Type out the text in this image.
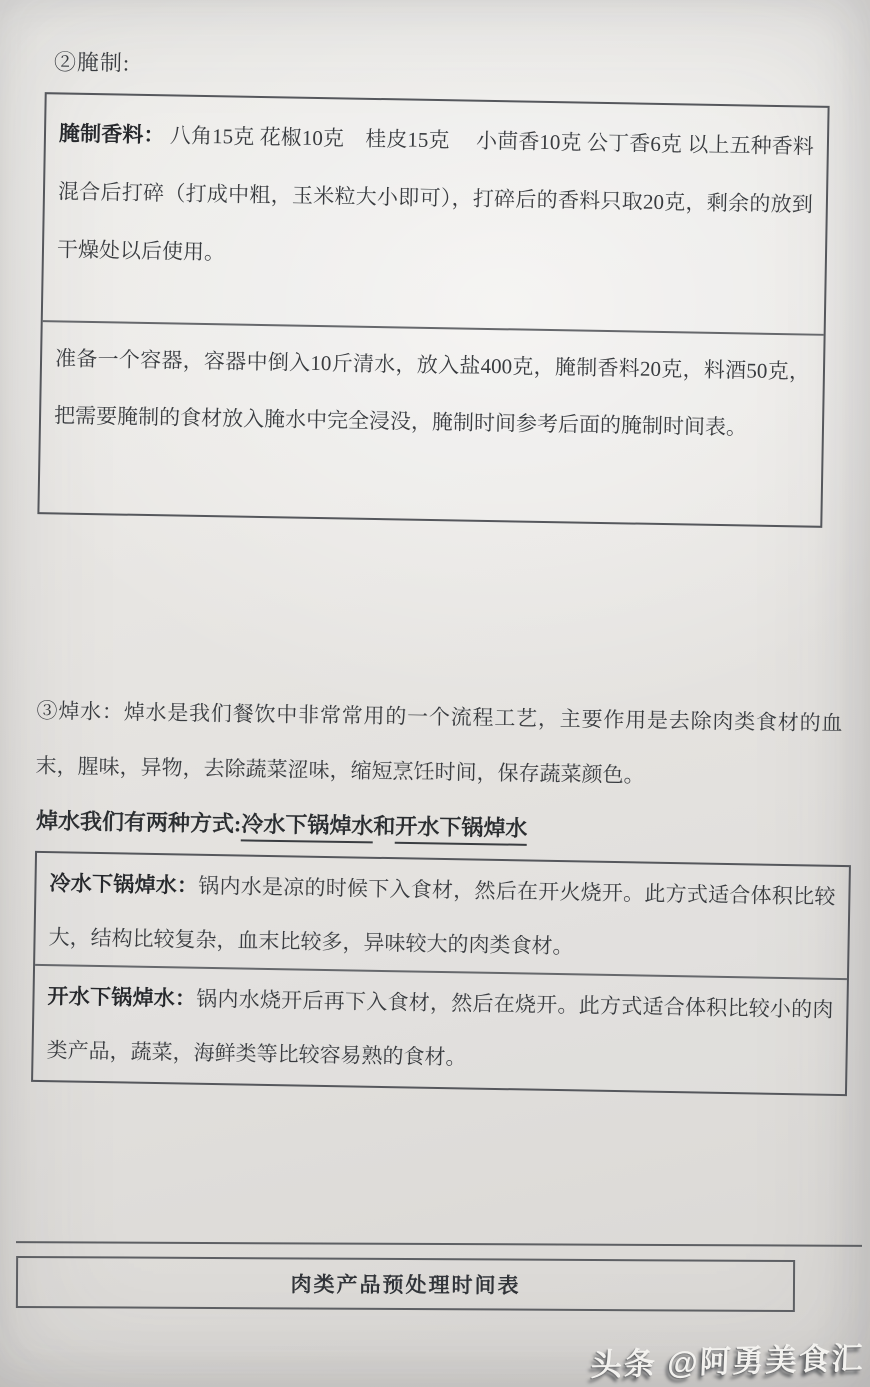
②腌制:

腌制香料： 八角15克 花椒10克　桂皮15克　 小茴香10克 公丁香6克 以上五种香料混合后打碎（打成中粗，玉米粒大小即可），打碎后的香料只取20克，剩余的放到干燥处以后使用。

准备一个容器，容器中倒入10斤清水，放入盐400克，腌制香料20克，料酒50克，把需要腌制的食材放入腌水中完全浸没，腌制时间参考后面的腌制时间表。

③焯水：焯水是我们餐饮中非常常用的一个流程工艺，主要作用是去除肉类食材的血末，腥味，异物，去除蔬菜涩味，缩短烹饪时间，保存蔬菜颜色。

焯水我们有两种方式:冷水下锅焯水和开水下锅焯水

冷水下锅焯水：锅内水是凉的时候下入食材，然后在开火烧开。此方式适合体积比较大，结构比较复杂，血末比较多，异味较大的肉类食材。

开水下锅焯水：锅内水烧开后再下入食材，然后在烧开。此方式适合体积比较小的肉类产品，蔬菜，海鲜类等比较容易熟的食材。

肉类产品预处理时间表
头条 @阿勇美食汇
